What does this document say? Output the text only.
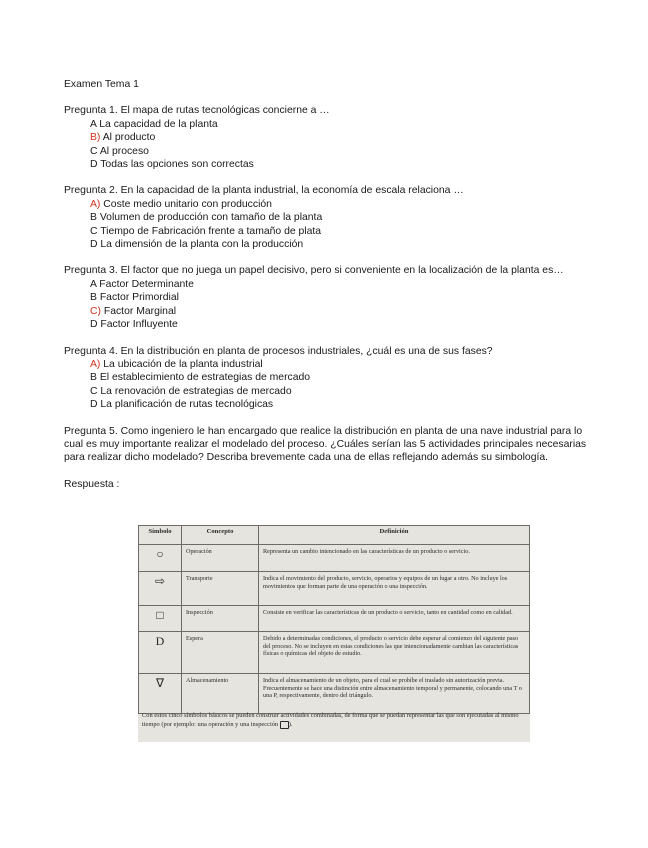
Examen Tema 1
Pregunta 1. El mapa de rutas tecnológicas concierne a …
A La capacidad de la planta
B) Al producto
C Al proceso
D Todas las opciones son correctas
Pregunta 2. En la capacidad de la planta industrial, la economía de escala relaciona …
A) Coste medio unitario con producción
B Volumen de producción con tamaño de la planta
C Tiempo de Fabricación frente a tamaño de plata
D La dimensión de la planta con la producción
Pregunta 3. El factor que no juega un papel decisivo, pero si conveniente en la localización de la planta es…
A Factor Determinante
B Factor Primordial
C) Factor Marginal
D Factor Influyente
Pregunta 4. En la distribución en planta de procesos industriales, ¿cuál es una de sus fases?
A) La ubicación de la planta industrial
B El establecimiento de estrategias de mercado
C La renovación de estrategias de mercado
D La planificación de rutas tecnológicas
Pregunta 5. Como ingeniero le han encargado que realice la distribución en planta de una nave industrial para lo cual es muy importante realizar el modelado del proceso. ¿Cuáles serían las 5 actividades principales necesarias para realizar dicho modelado? Describa brevemente cada una de ellas reflejando además su simbología.
Respuesta :
Símbolo	Concepto	Definición
○	Operación	Representa un cambio intencionado en las características de un producto o servicio.
⇨	Transporte	Indica el movimiento del producto, servicio, operarios y equipos de un lugar a otro. No incluye los movimientos que forman parte de una operación o una inspección.
□	Inspección	Consiste en verificar las características de un producto o servicio, tanto en cantidad como en calidad.
D	Espera	Debido a determinadas condiciones, el producto o servicio debe esperar al comienzo del siguiente paso del proceso. No se incluyen en estas condiciones las que intencionadamente cambian las características físicas o químicas del objeto de estudio.
∇	Almacenamiento	Indica el almacenamiento de un objeto, para el cual se prohíbe el traslado sin autorización previa. Frecuentemente se hace una distinción entre almacenamiento temporal y permanente, colocando una T o una P, respectivamente, dentro del triángulo.
Con estos cinco símbolos básicos se pueden construir actividades combinadas, de forma que se puedan representar las que son ejecutadas al mismo tiempo (por ejemplo: una operación y una inspección ).
